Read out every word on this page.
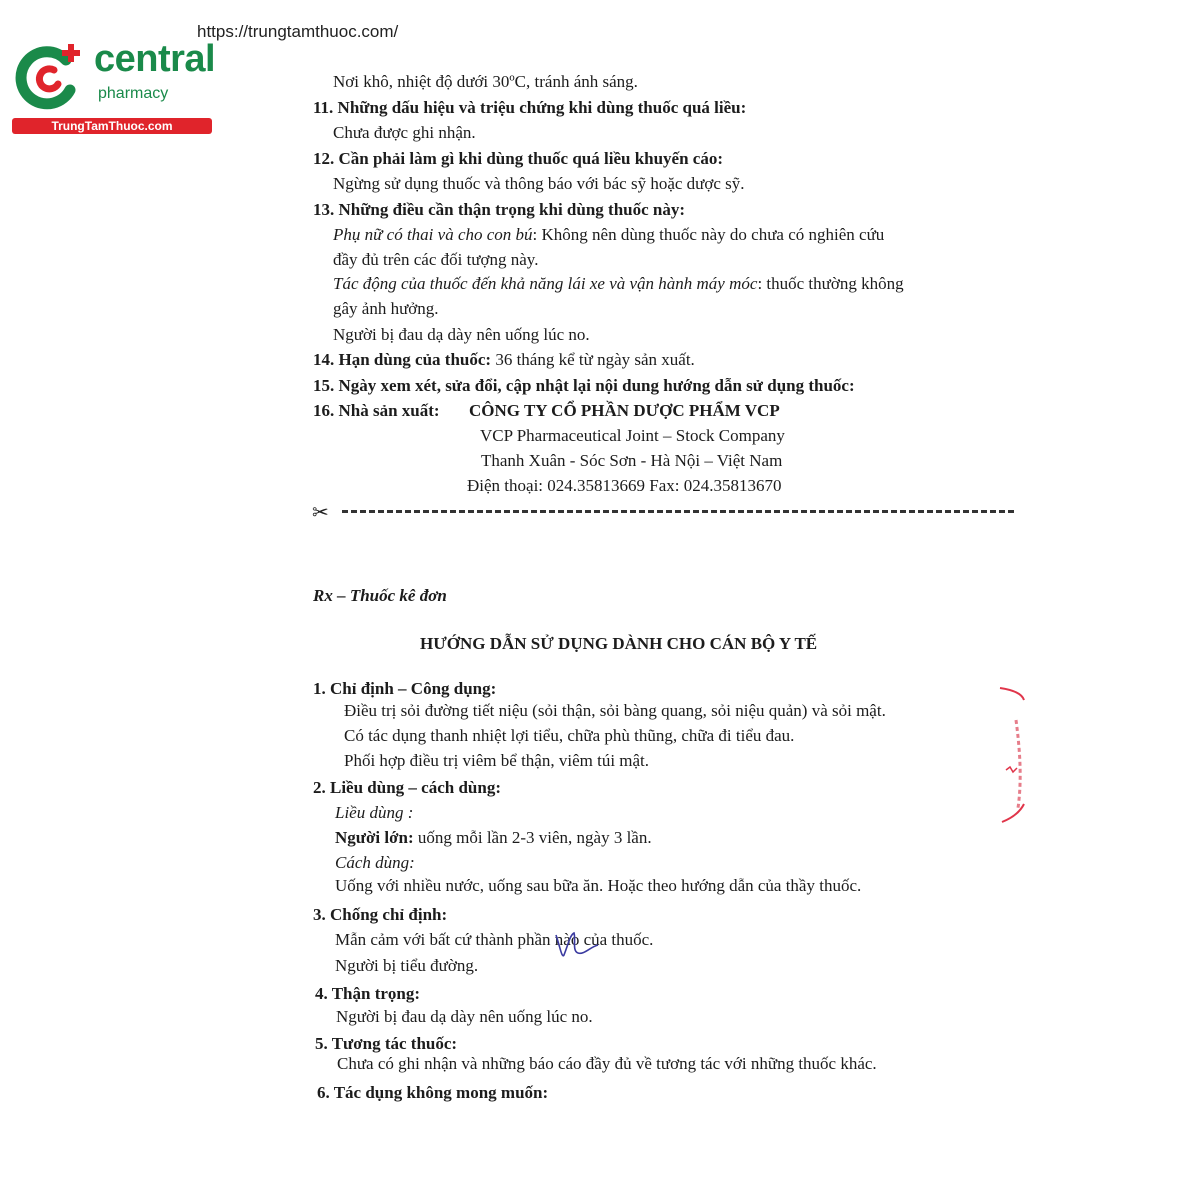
https://trungtamthuoc.com/
central
pharmacy
TrungTamThuoc.com
Nơi khô, nhiệt độ dưới 30ºC, tránh ánh sáng.
11. Những dấu hiệu và triệu chứng khi dùng thuốc quá liều:
Chưa được ghi nhận.
12. Cần phải làm gì khi dùng thuốc quá liều khuyến cáo:
Ngừng sử dụng thuốc và thông báo với bác sỹ hoặc dược sỹ.
13. Những điều cần thận trọng khi dùng thuốc này:
Phụ nữ có thai và cho con bú: Không nên dùng thuốc này do chưa có nghiên cứu
đầy đủ trên các đối tượng này.
Tác động của thuốc đến khả năng lái xe và vận hành máy móc: thuốc thường không
gây ảnh hưởng.
Người bị đau dạ dày nên uống lúc no.
14. Hạn dùng của thuốc: 36 tháng kể từ ngày sản xuất.
15. Ngày xem xét, sửa đổi, cập nhật lại nội dung hướng dẫn sử dụng thuốc:
16. Nhà sản xuất: CÔNG TY CỔ PHẦN DƯỢC PHẨM VCP
VCP Pharmaceutical Joint – Stock Company
Thanh Xuân - Sóc Sơn - Hà Nội – Việt Nam
Điện thoại: 024.35813669 Fax: 024.35813670
✂
Rx – Thuốc kê đơn
HƯỚNG DẪN SỬ DỤNG DÀNH CHO CÁN BỘ Y TẾ
1. Chỉ định – Công dụng:
Điều trị sỏi đường tiết niệu (sỏi thận, sỏi bàng quang, sỏi niệu quản) và sỏi mật.
Có tác dụng thanh nhiệt lợi tiểu, chữa phù thũng, chữa đi tiểu đau.
Phối hợp điều trị viêm bể thận, viêm túi mật.
2. Liều dùng – cách dùng:
Liều dùng :
Người lớn: uống mỗi lần 2-3 viên, ngày 3 lần.
Cách dùng:
Uống với nhiều nước, uống sau bữa ăn. Hoặc theo hướng dẫn của thầy thuốc.
3. Chống chỉ định:
Mẫn cảm với bất cứ thành phần nào của thuốc.
Người bị tiểu đường.
4. Thận trọng:
Người bị đau dạ dày nên uống lúc no.
5. Tương tác thuốc:
Chưa có ghi nhận và những báo cáo đầy đủ về tương tác với những thuốc khác.
6. Tác dụng không mong muốn:
